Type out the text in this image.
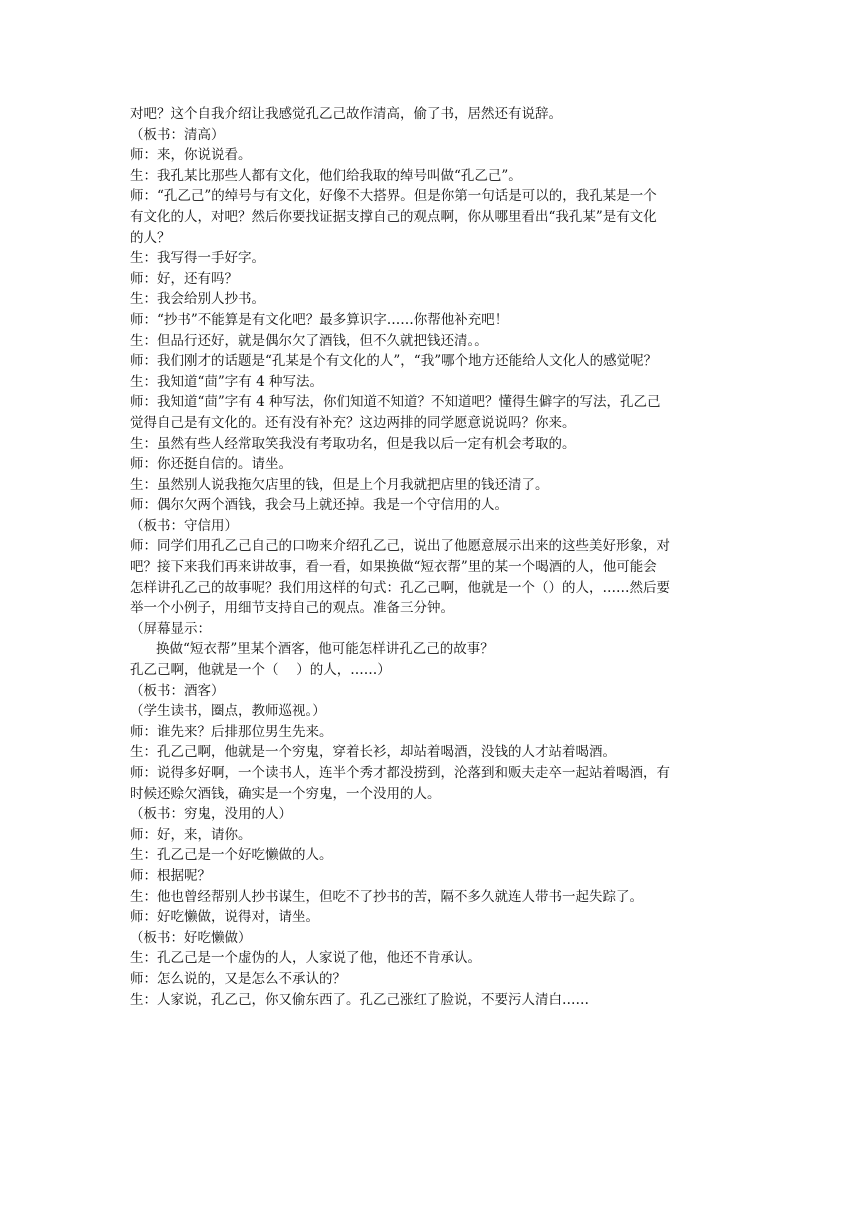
对吧？这个自我介绍让我感觉孔乙己故作清高，偷了书，居然还有说辞。
（板书：清高）
师：来，你说说看。
生：我孔某比那些人都有文化，他们给我取的绰号叫做“孔乙己”。
师：“孔乙己”的绰号与有文化，好像不大搭界。但是你第一句话是可以的，我孔某是一个
有文化的人，对吧？然后你要找证据支撑自己的观点啊，你从哪里看出“我孔某”是有文化
的人？
生：我写得一手好字。
师：好，还有吗？
生：我会给别人抄书。
师：“抄书”不能算是有文化吧？最多算识字……你帮他补充吧！
生：但品行还好，就是偶尔欠了酒钱，但不久就把钱还清。。
师：我们刚才的话题是“孔某是个有文化的人”，“我”哪个地方还能给人文化人的感觉呢？
生：我知道“茴”字有 4 种写法。
师：我知道“茴”字有 4 种写法，你们知道不知道？不知道吧？懂得生僻字的写法，孔乙己
觉得自己是有文化的。还有没有补充？这边两排的同学愿意说说吗？你来。
生：虽然有些人经常取笑我没有考取功名，但是我以后一定有机会考取的。
师：你还挺自信的。请坐。
生：虽然别人说我拖欠店里的钱，但是上个月我就把店里的钱还清了。
师：偶尔欠两个酒钱，我会马上就还掉。我是一个守信用的人。
（板书：守信用）
师：同学们用孔乙己自己的口吻来介绍孔乙己，说出了他愿意展示出来的这些美好形象，对
吧？接下来我们再来讲故事，看一看，如果换做“短衣帮”里的某一个喝酒的人，他可能会
怎样讲孔乙己的故事呢？我们用这样的句式：孔乙己啊，他就是一个（）的人，……然后要
举一个小例子，用细节支持自己的观点。准备三分钟。
（屏幕显示：
换做“短衣帮”里某个酒客，他可能怎样讲孔乙己的故事？
孔乙己啊，他就是一个（　 ）的人，……）
（板书：酒客）
（学生读书，圈点，教师巡视。）
师：谁先来？后排那位男生先来。
生：孔乙己啊，他就是一个穷鬼，穿着长衫，却站着喝酒，没钱的人才站着喝酒。
师：说得多好啊，一个读书人，连半个秀才都没捞到，沦落到和贩夫走卒一起站着喝酒，有
时候还赊欠酒钱，确实是一个穷鬼，一个没用的人。
（板书：穷鬼，没用的人）
师：好，来，请你。
生：孔乙己是一个好吃懒做的人。
师：根据呢？
生：他也曾经帮别人抄书谋生，但吃不了抄书的苦，隔不多久就连人带书一起失踪了。
师：好吃懒做，说得对，请坐。
（板书：好吃懒做）
生：孔乙己是一个虚伪的人，人家说了他，他还不肯承认。
师：怎么说的，又是怎么不承认的？
生：人家说，孔乙己，你又偷东西了。孔乙己涨红了脸说，不要污人清白……
